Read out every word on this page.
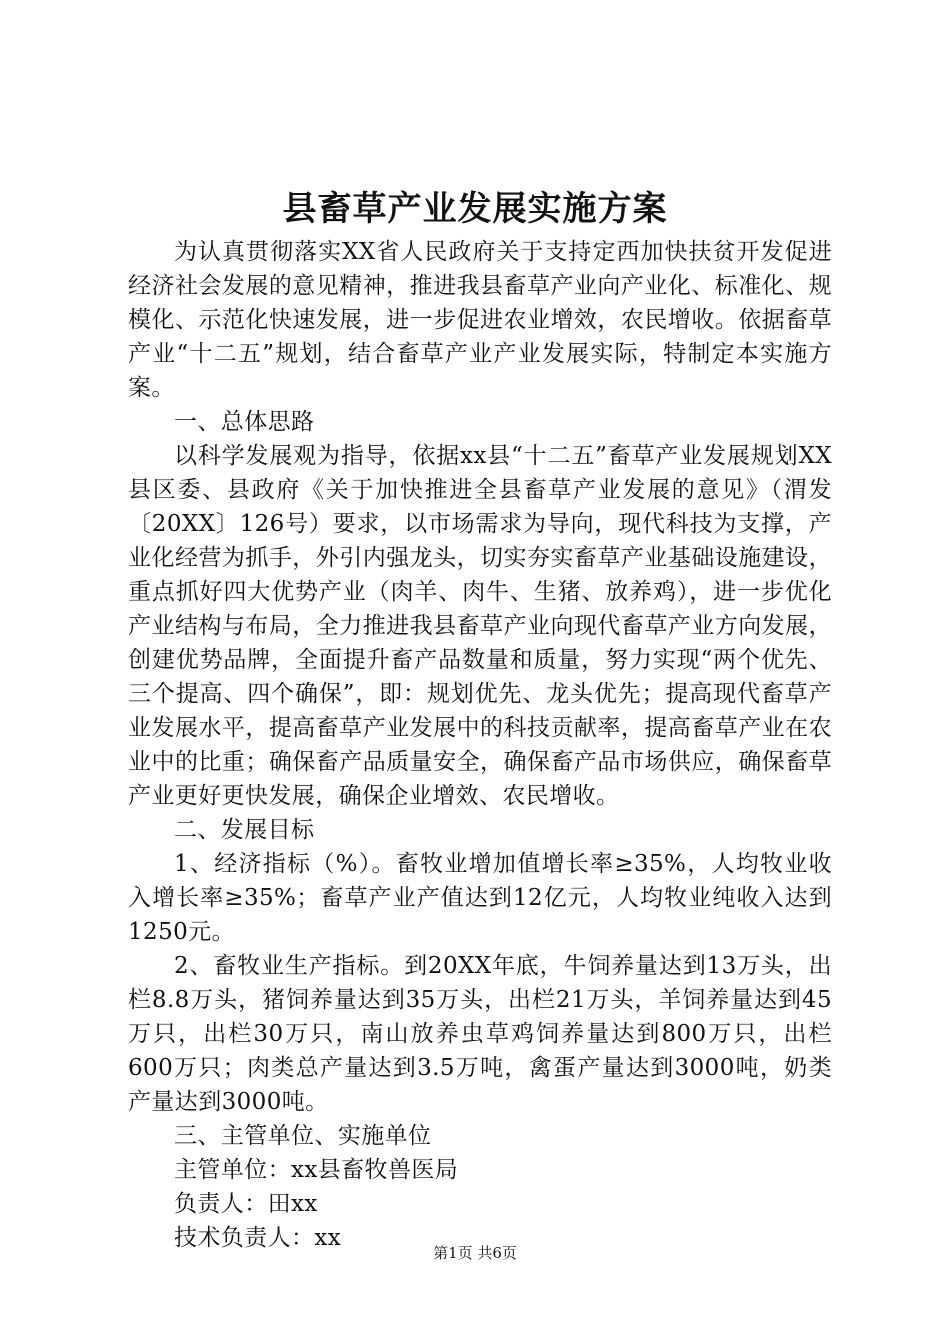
县畜草产业发展实施方案

为认真贯彻落实XX省人民政府关于支持定西加快扶贫开发促进经济社会发展的意见精神，推进我县畜草产业向产业化、标准化、规模化、示范化快速发展，进一步促进农业增效，农民增收。依据畜草产业“十二五”规划，结合畜草产业产业发展实际，特制定本实施方案。

一、总体思路

以科学发展观为指导，依据xx县“十二五”畜草产业发展规划XX县区委、县政府《关于加快推进全县畜草产业发展的意见》（渭发〔20XX〕126号）要求，以市场需求为导向，现代科技为支撑，产业化经营为抓手，外引内强龙头，切实夯实畜草产业基础设施建设，重点抓好四大优势产业（肉羊、肉牛、生猪、放养鸡），进一步优化产业结构与布局，全力推进我县畜草产业向现代畜草产业方向发展，创建优势品牌，全面提升畜产品数量和质量，努力实现“两个优先、三个提高、四个确保”，即：规划优先、龙头优先；提高现代畜草产业发展水平，提高畜草产业发展中的科技贡献率，提高畜草产业在农业中的比重；确保畜产品质量安全，确保畜产品市场供应，确保畜草产业更好更快发展，确保企业增效、农民增收。

二、发展目标

1、经济指标（%）。畜牧业增加值增长率≥35%，人均牧业收入增长率≥35%；畜草产业产值达到12亿元，人均牧业纯收入达到1250元。

2、畜牧业生产指标。到20XX年底，牛饲养量达到13万头，出栏8.8万头，猪饲养量达到35万头，出栏21万头，羊饲养量达到45万只，出栏30万只，南山放养虫草鸡饲养量达到800万只，出栏600万只；肉类总产量达到3.5万吨，禽蛋产量达到3000吨，奶类产量达到3000吨。

三、主管单位、实施单位

主管单位：xx县畜牧兽医局

负责人：田xx

技术负责人：xx

第1页 共6页
